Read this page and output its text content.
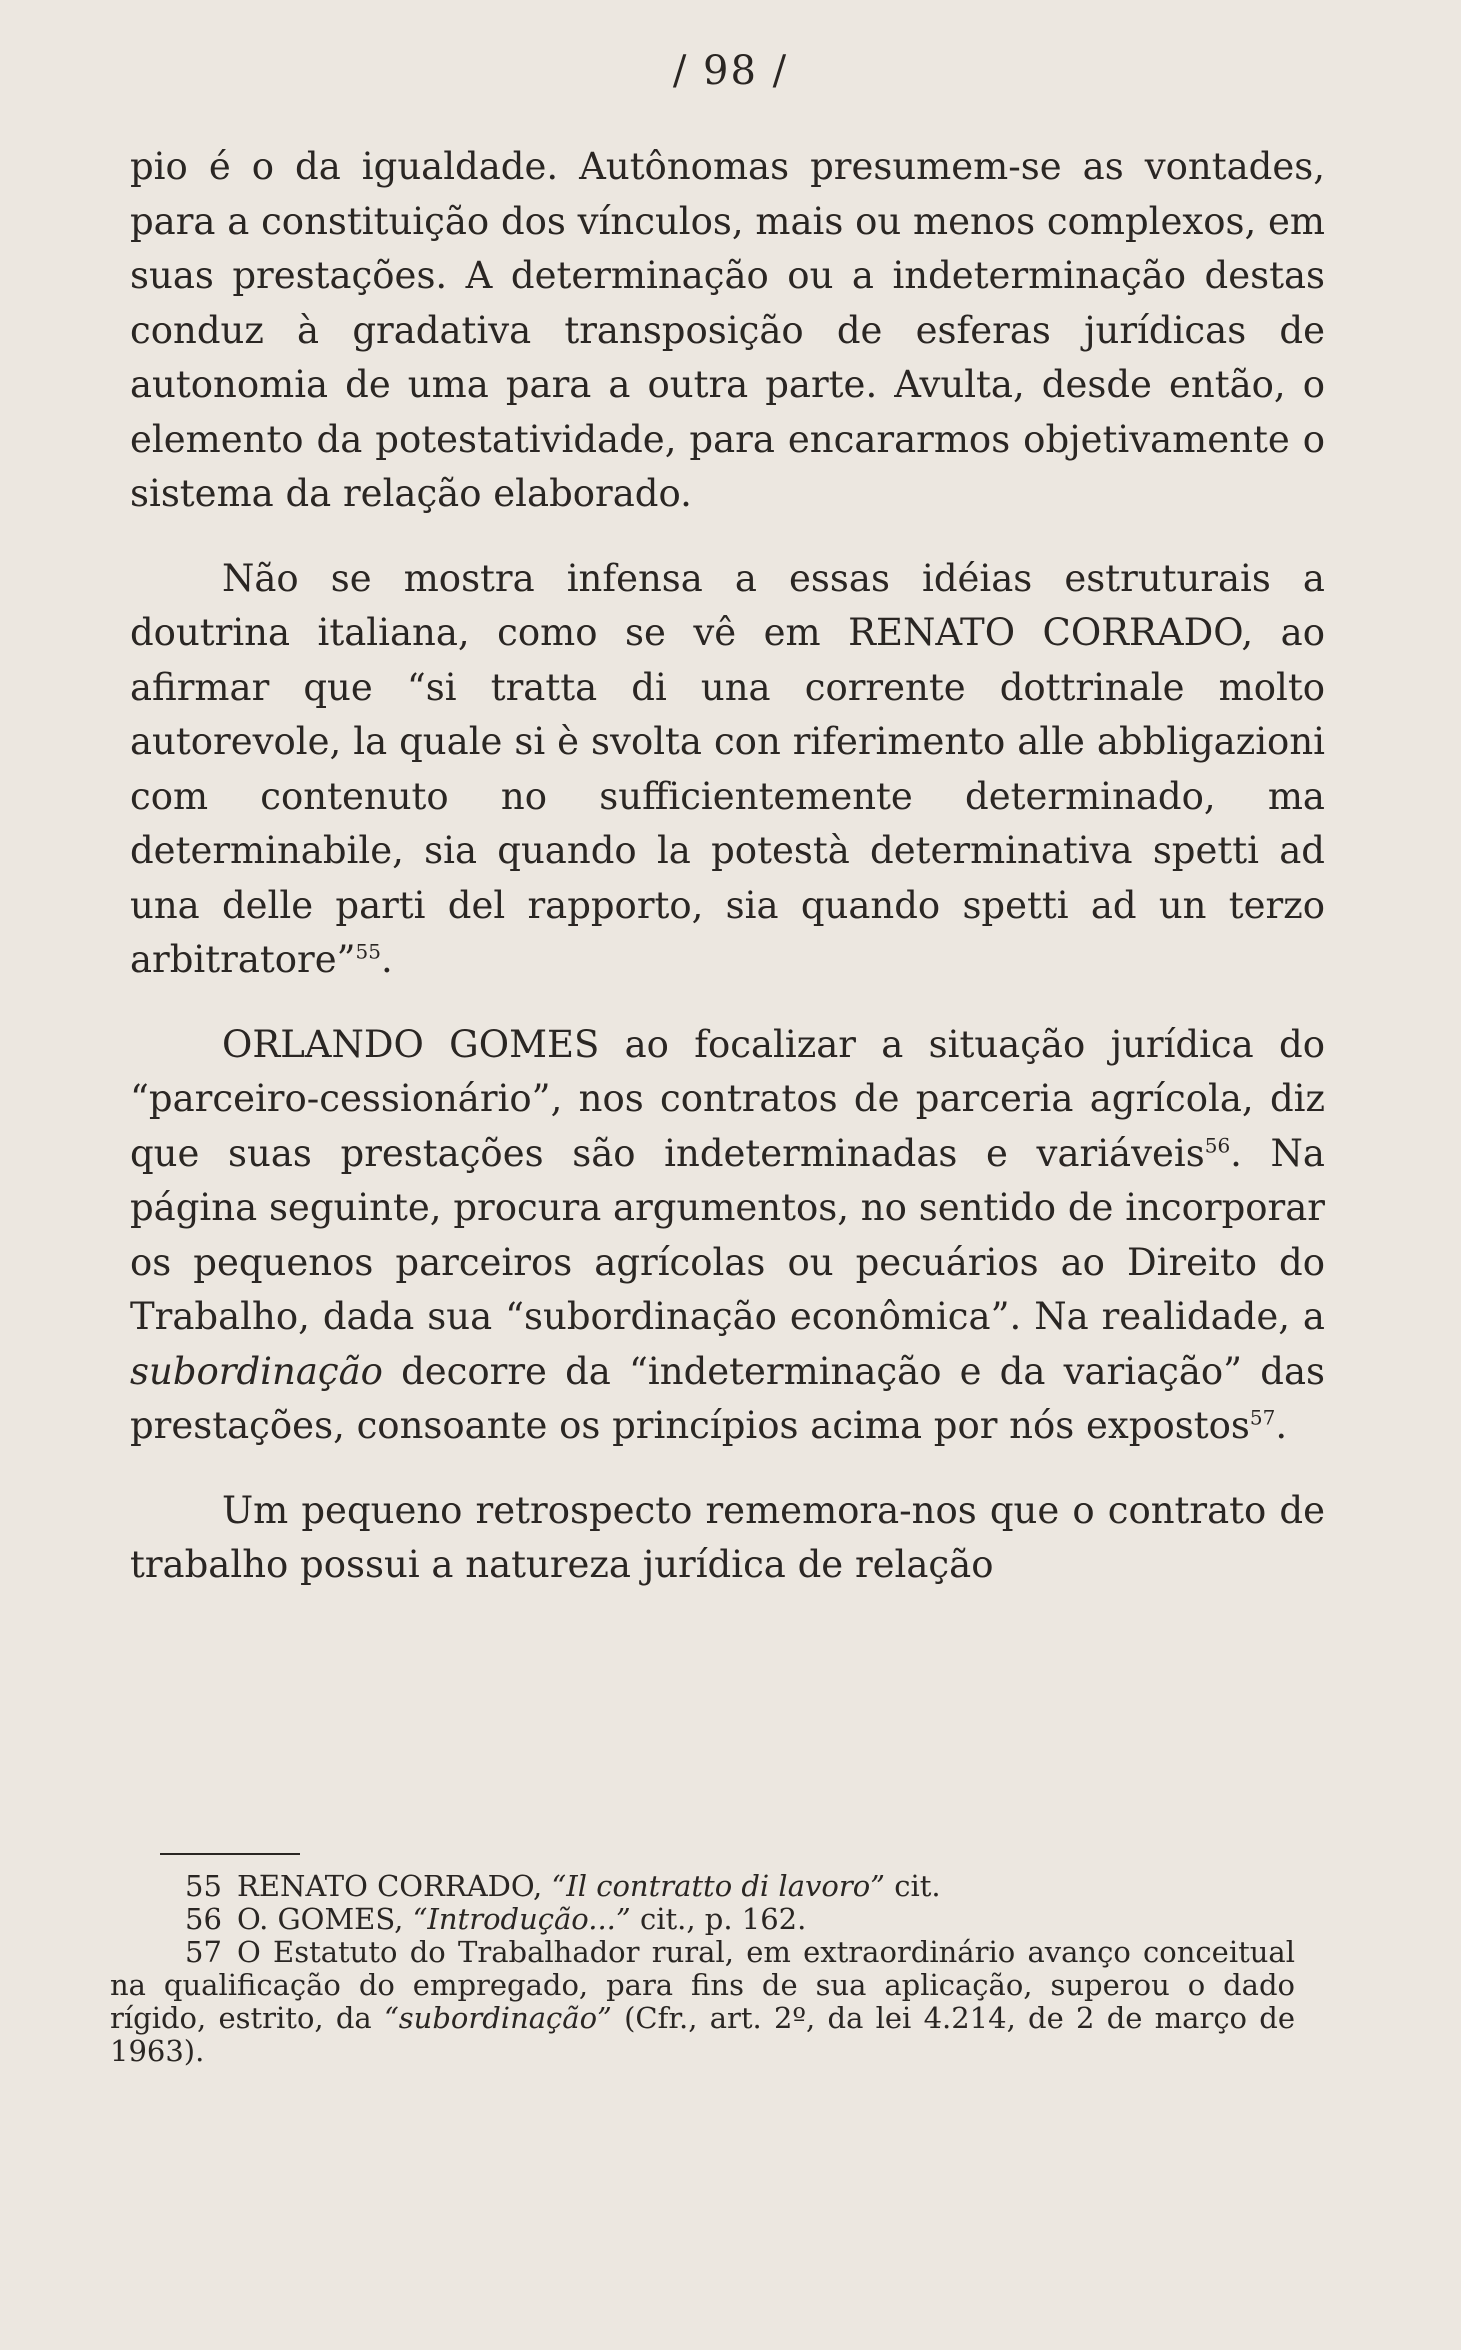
/ 98 /

pio é o da igualdade. Autônomas presumem-se as vontades, para a constituição dos vínculos, mais ou menos complexos, em suas prestações. A determinação ou a indeterminação destas conduz à gradativa transposição de esferas jurídicas de autonomia de uma para a outra parte. Avulta, desde então, o elemento da potestatividade, para encararmos objetivamente o sistema da relação elaborado.

Não se mostra infensa a essas idéias estruturais a doutrina italiana, como se vê em RENATO CORRADO, ao afirmar que “si tratta di una corrente dottrinale molto autorevole, la quale si è svolta con riferimento alle abbligazioni com contenuto no sufficientemente determinado, ma determinabile, sia quando la potestà determinativa spetti ad una delle parti del rapporto, sia quando spetti ad un terzo arbitratore”$^{55}$.

ORLANDO GOMES ao focalizar a situação jurídica do “parceiro-cessionário”, nos contratos de parceria agrícola, diz que suas prestações são indeterminadas e variáveis$^{56}$. Na página seguinte, procura argumentos, no sentido de incorporar os pequenos parceiros agrícolas ou pecuários ao Direito do Trabalho, dada sua “subordinação econômica”. Na realidade, a subordinação decorre da “indeterminação e da variação” das prestações, consoante os princípios acima por nós expostos$^{57}$.

Um pequeno retrospecto rememora-nos que o contrato de trabalho possui a natureza jurídica de relação

55 RENATO CORRADO, “Il contratto di lavoro” cit.

56 O. GOMES, “Introdução...” cit., p. 162.

57 O Estatuto do Trabalhador rural, em extraordinário avanço conceitual na qualificação do empregado, para fins de sua aplicação, superou o dado rígido, estrito, da “subordinação” (Cfr., art. 2º, da lei 4.214, de 2 de março de 1963).
